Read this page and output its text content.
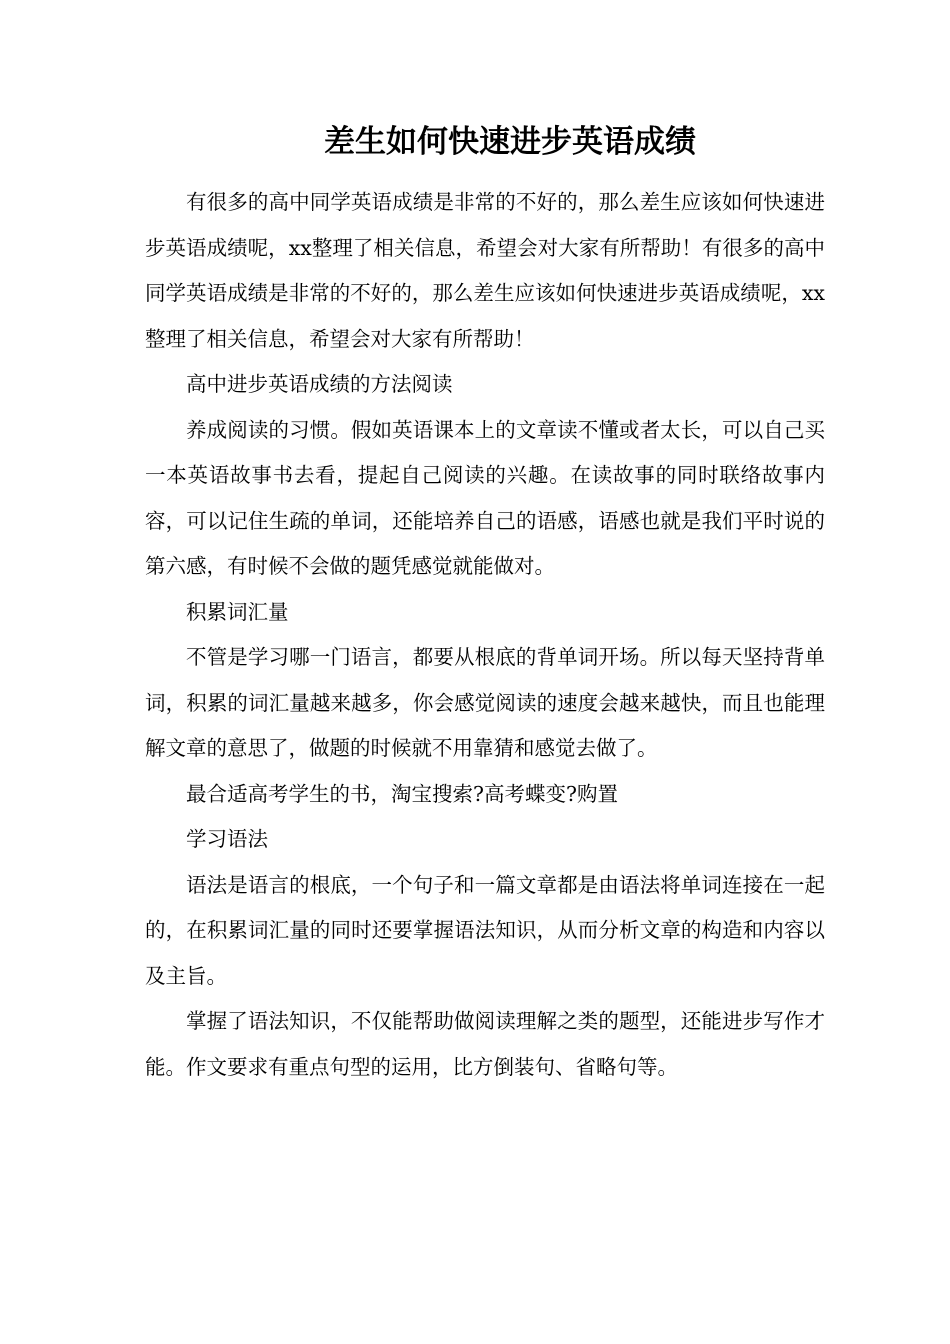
差生如何快速进步英语成绩

有很多的高中同学英语成绩是非常的不好的，那么差生应该如何快速进步英语成绩呢，xx整理了相关信息，希望会对大家有所帮助！有很多的高中同学英语成绩是非常的不好的，那么差生应该如何快速进步英语成绩呢，xx整理了相关信息，希望会对大家有所帮助！

高中进步英语成绩的方法阅读

养成阅读的习惯。假如英语课本上的文章读不懂或者太长，可以自己买一本英语故事书去看，提起自己阅读的兴趣。在读故事的同时联络故事内容，可以记住生疏的单词，还能培养自己的语感，语感也就是我们平时说的第六感，有时候不会做的题凭感觉就能做对。

积累词汇量

不管是学习哪一门语言，都要从根底的背单词开场。所以每天坚持背单词，积累的词汇量越来越多，你会感觉阅读的速度会越来越快，而且也能理解文章的意思了，做题的时候就不用靠猜和感觉去做了。

最合适高考学生的书，淘宝搜索?高考蝶变?购置

学习语法

语法是语言的根底，一个句子和一篇文章都是由语法将单词连接在一起的，在积累词汇量的同时还要掌握语法知识，从而分析文章的构造和内容以及主旨。

掌握了语法知识，不仅能帮助做阅读理解之类的题型，还能进步写作才能。作文要求有重点句型的运用，比方倒装句、省略句等。
